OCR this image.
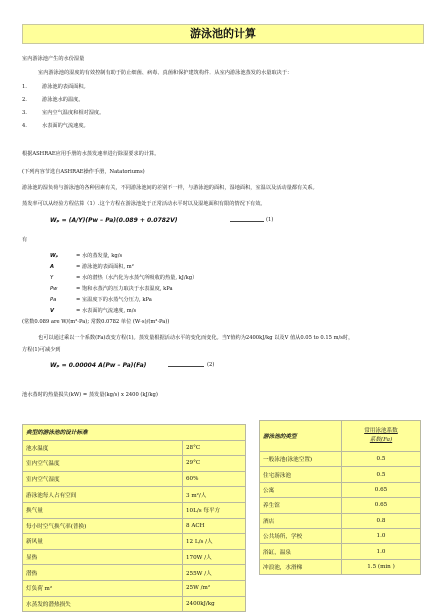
游泳池的计算
室内游泳池产生的水份湿量
室内游泳池的湿度的有效控制有助于防止细菌、病毒、真菌和保护建筑构件．从室内游泳池蒸发的水量取决于：
1.	游泳池的表面面积。
2.	游泳池水的温度。
3.	室内空气温度和相对湿度。
4.	水表面的气流速度。
根据ASHRAE应用手册的水蒸发速率进行除湿要求的计算。
(下列内容节选自ASHRAE操作手册，Natatoriums)
游泳池的湿负荷与游泳池的各种因素有关，不同游泳池间的差别不一样，与游泳池的面积，湿地面积，室温以及活动量都有关系。
蒸发率可以从经验方程估算（1）.这个方程在游泳池处于正常活动水平时以及湿地面积有限的情况下有效。
Wₚ = (A/Y)(Pw – Pa)(0.089 + 0.0782V)	(1)
有
Wₚ	= 水的蒸发量, kg/s
A	= 游泳池的表面面积, m²
Y	= 水的潜热（水汽化为水蒸气所吸收的热量, kJ/kg）
Pw	= 饱和水蒸汽的压力取决于水表温度, kPa
Pa	= 室温度下的水蒸气分压力, kPa
V	= 水表面的气流速度, m/s
(常数0.089 are W/(m²·Pa); 常数0.0782 单位 (W·s)/(m³·Pa))
也可以通过乘以一个系数(Fa)改变方程(1)。蒸发量根据活动水平的变化而变化。当Y值约为2400kJ/kg 以及V 值从0.05 to 0.15 m/s时，
方程(1)可减少到
Wₚ = 0.00004 A(Pw – Pa)(Fa)	(2)
池水蒸时的热量损失(kW) = 蒸发量(kg/s) x 2400 (kJ/kg)
典型的游泳池的设计标准	
池水温度	28°C
室内空气温度	29°C
室内空气湿度	60%
游泳池每人占有空间	3 m²/人
换气量	10L/s 每平方
每小时空气换气率(普换)	8 ACH
新风量	12 L/s /人
显热	170W /人
潜热	255W /人
灯负荷 m²	25W /m²
水蒸发的潜热损失	2400kJ/kg
游泳池的类型	常用泳池系数
系数(Fa)

一般泳池(泳池空置)	0.5
住宅游泳池	0.5
公寓	0.65
养生馆	0.65
酒店	0.8
公共场所，学校	1.0
浴缸，温泉	1.0
冲浪池，水滑梯	1.5 (min )
